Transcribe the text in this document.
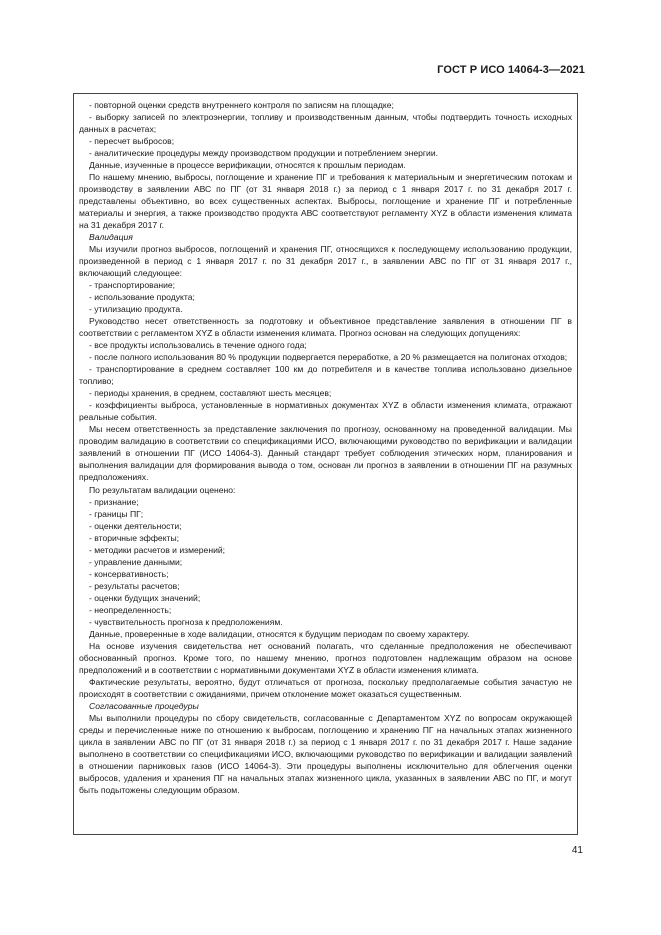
ГОСТ Р ИСО 14064-3—2021

- повторной оценки средств внутреннего контроля по записям на площадке;

- выборку записей по электроэнергии, топливу и производственным данным, чтобы подтвердить точность исходных данных в расчетах;

- пересчет выбросов;

- аналитические процедуры между производством продукции и потреблением энергии.

Данные, изученные в процессе верификации, относятся к прошлым периодам.

По нашему мнению, выбросы, поглощение и хранение ПГ и требования к материальным и энергетическим потокам и производству в заявлении АВС по ПГ (от 31 января 2018 г.) за период с 1 января 2017 г. по 31 декабря 2017 г. представлены объективно, во всех существенных аспектах. Выбросы, поглощение и хранение ПГ и потребленные материалы и энергия, а также производство продукта АВС соответствуют регламенту XYZ в области изменения климата на 31 декабря 2017 г.

Валидация

Мы изучили прогноз выбросов, поглощений и хранения ПГ, относящихся к последующему использованию продукции, произведенной в период с 1 января 2017 г. по 31 декабря 2017 г., в заявлении АВС по ПГ от 31 января 2017 г., включающий следующее:

- транспортирование;

- использование продукта;

- утилизацию продукта.

Руководство несет ответственность за подготовку и объективное представление заявления в отношении ПГ в соответствии с регламентом XYZ в области изменения климата. Прогноз основан на следующих допущениях:

- все продукты использовались в течение одного года;

- после полного использования 80 % продукции подвергается переработке, а 20 % размещается на полигонах отходов;

- транспортирование в среднем составляет 100 км до потребителя и в качестве топлива использовано дизельное топливо;

- периоды хранения, в среднем, составляют шесть месяцев;

- коэффициенты выброса, установленные в нормативных документах XYZ в области изменения климата, отражают реальные события.

Мы несем ответственность за представление заключения по прогнозу, основанному на проведенной валидации. Мы проводим валидацию в соответствии со спецификациями ИСО, включающими руководство по верификации и валидации заявлений в отношении ПГ (ИСО 14064-3). Данный стандарт требует соблюдения этических норм, планирования и выполнения валидации для формирования вывода о том, основан ли прогноз в заявлении в отношении ПГ на разумных предположениях.

По результатам валидации оценено:

- признание;

- границы ПГ;

- оценки деятельности;

- вторичные эффекты;

- методики расчетов и измерений;

- управление данными;

- консервативность;

- результаты расчетов;

- оценки будущих значений;

- неопределенность;

- чувствительность прогноза к предположениям.

Данные, проверенные в ходе валидации, относятся к будущим периодам по своему характеру.

На основе изучения свидетельства нет оснований полагать, что сделанные предположения не обеспечивают обоснованный прогноз. Кроме того, по нашему мнению, прогноз подготовлен надлежащим образом на основе предположений и в соответствии с нормативными документами XYZ в области изменения климата.

Фактические результаты, вероятно, будут отличаться от прогноза, поскольку предполагаемые события зачастую не происходят в соответствии с ожиданиями, причем отклонение может оказаться существенным.

Согласованные процедуры

Мы выполнили процедуры по сбору свидетельств, согласованные с Департаментом XYZ по вопросам окружающей среды и перечисленные ниже по отношению к выбросам, поглощению и хранению ПГ на начальных этапах жизненного цикла в заявлении АВС по ПГ (от 31 января 2018 г.) за период с 1 января 2017 г. по 31 декабря 2017 г. Наше задание выполнено в соответствии со спецификациями ИСО, включающими руководство по верификации и валидации заявлений в отношении парниковых газов (ИСО 14064-3). Эти процедуры выполнены исключительно для облегчения оценки выбросов, удаления и хранения ПГ на начальных этапах жизненного цикла, указанных в заявлении АВС по ПГ, и могут быть подытожены следующим образом.

41
